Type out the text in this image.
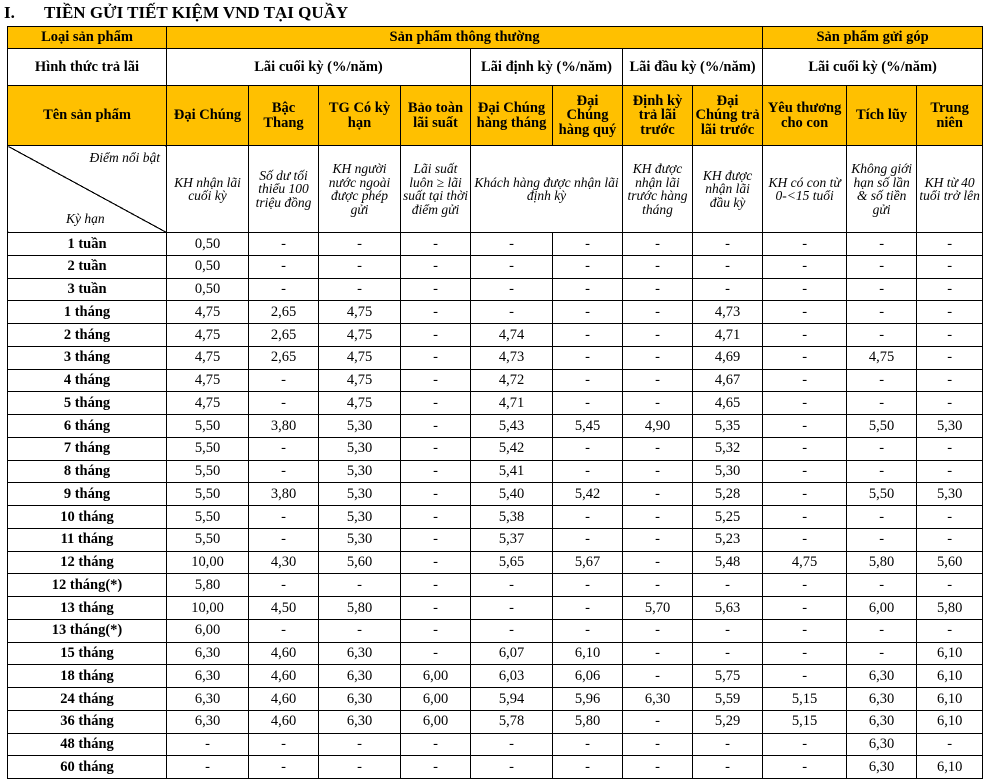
I. TIỀN GỬI TIẾT KIỆM VND TẠI QUẦY
Loại sản phẩm	Sản phẩm thông thường								Sản phẩm gửi góp		
Hình thức trả lãi	Lãi cuối kỳ (%/năm)				Lãi định kỳ (%/năm)		Lãi đầu kỳ (%/năm)		Lãi cuối kỳ (%/năm)		
Tên sản phẩm	Đại Chúng	Bậc Thang	TG Có kỳ hạn	Bảo toàn lãi suất	Đại Chúng hàng tháng	Đại Chúng hàng quý	Định kỳ trả lãi trước	Đại Chúng trả lãi trước	Yêu thương cho con	Tích lũy	Trung niên

Điểm nổi bật
Kỳ hạn	KH nhận lãi cuối kỳ	Số dư tối thiểu 100 triệu đồng	KH người nước ngoài được phép gửi	Lãi suất luôn ≥ lãi suất tại thời điểm gửi	Khách hàng được nhận lãi định kỳ		KH được nhận lãi trước hàng tháng	KH được nhận lãi đầu kỳ	KH có con từ 0-<15 tuổi	Không giới hạn số lần & số tiền gửi	KH từ 40 tuổi trở lên
1 tuần	0,50	-	-	-	-	-	-	-	-	-	-
2 tuần	0,50	-	-	-	-	-	-	-	-	-	-
3 tuần	0,50	-	-	-	-	-	-	-	-	-	-
1 tháng	4,75	2,65	4,75	-	-	-	-	4,73	-	-	-
2 tháng	4,75	2,65	4,75	-	4,74	-	-	4,71	-	-	-
3 tháng	4,75	2,65	4,75	-	4,73	-	-	4,69	-	4,75	-
4 tháng	4,75	-	4,75	-	4,72	-	-	4,67	-	-	-
5 tháng	4,75	-	4,75	-	4,71	-	-	4,65	-	-	-
6 tháng	5,50	3,80	5,30	-	5,43	5,45	4,90	5,35	-	5,50	5,30
7 tháng	5,50	-	5,30	-	5,42	-	-	5,32	-	-	-
8 tháng	5,50	-	5,30	-	5,41	-	-	5,30	-	-	-
9 tháng	5,50	3,80	5,30	-	5,40	5,42	-	5,28	-	5,50	5,30
10 tháng	5,50	-	5,30	-	5,38	-	-	5,25	-	-	-
11 tháng	5,50	-	5,30	-	5,37	-	-	5,23	-	-	-
12 tháng	10,00	4,30	5,60	-	5,65	5,67	-	5,48	4,75	5,80	5,60
12 tháng(*)	5,80	-	-	-	-	-	-	-	-	-	-
13 tháng	10,00	4,50	5,80	-	-	-	5,70	5,63	-	6,00	5,80
13 tháng(*)	6,00	-	-	-	-	-	-	-	-	-	-
15 tháng	6,30	4,60	6,30	-	6,07	6,10	-	-	-	-	6,10
18 tháng	6,30	4,60	6,30	6,00	6,03	6,06	-	5,75	-	6,30	6,10
24 tháng	6,30	4,60	6,30	6,00	5,94	5,96	6,30	5,59	5,15	6,30	6,10
36 tháng	6,30	4,60	6,30	6,00	5,78	5,80	-	5,29	5,15	6,30	6,10
48 tháng	-	-	-	-	-	-	-	-	-	6,30	-
60 tháng	-	-	-	-	-	-	-	-	-	6,30	6,10
